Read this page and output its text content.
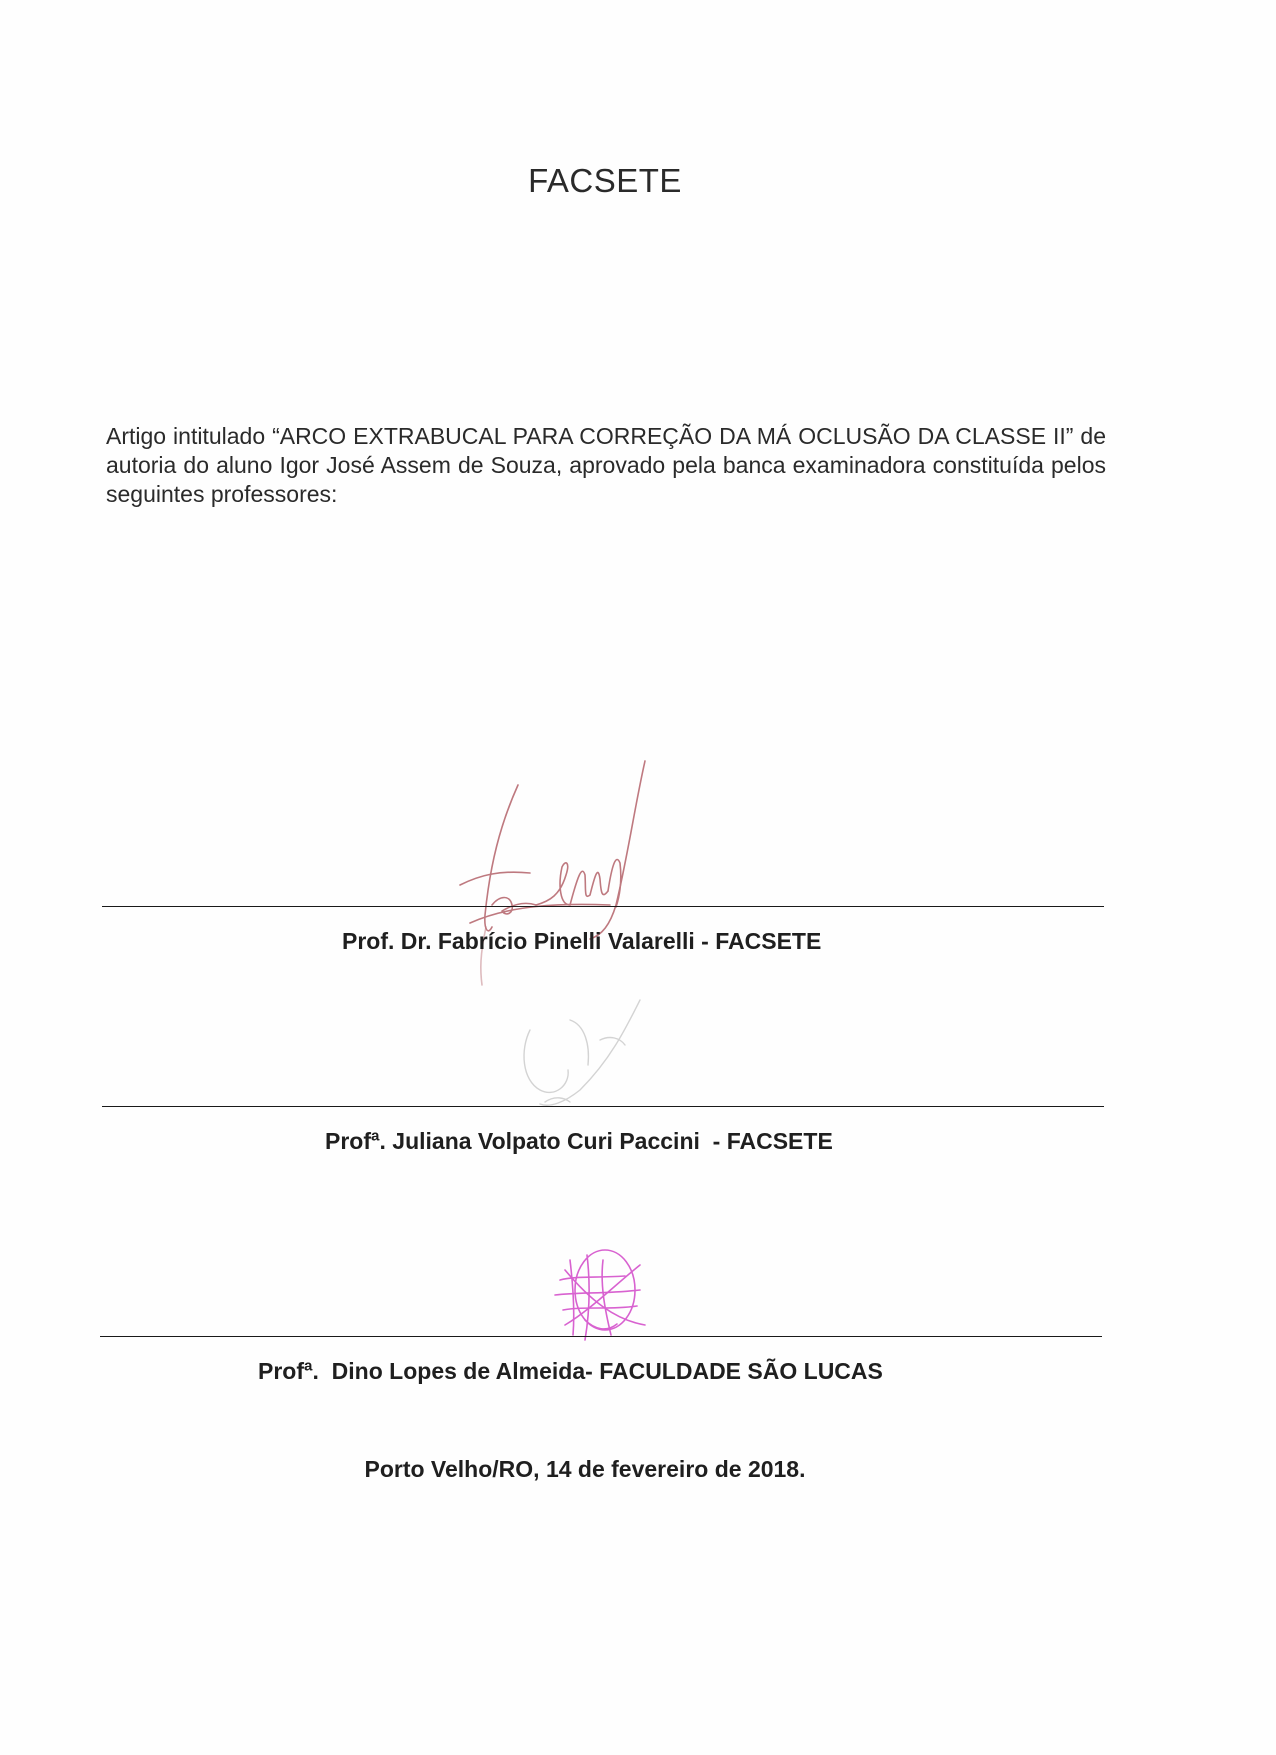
FACSETE
Artigo intitulado “ARCO EXTRABUCAL PARA CORREÇÃO DA MÁ OCLUSÃO DA CLASSE II” de autoria do aluno Igor José Assem de Souza, aprovado pela banca examinadora constituída pelos seguintes professores:
Prof. Dr. Fabrício Pinelli Valarelli - FACSETE
Profª. Juliana Volpato Curi Paccini  - FACSETE
Profª.  Dino Lopes de Almeida- FACULDADE SÃO LUCAS
Porto Velho/RO, 14 de fevereiro de 2018.
